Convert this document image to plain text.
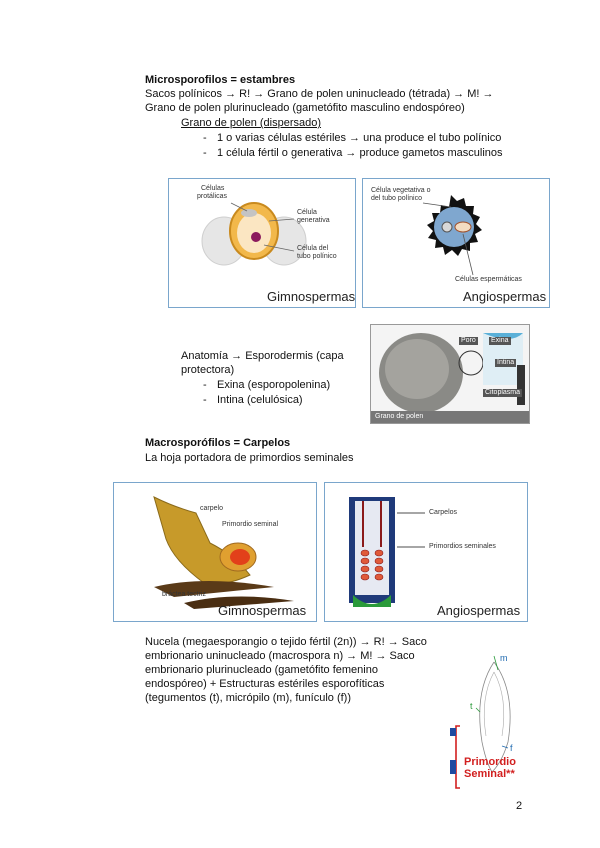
Microsporofilos = estambres
Sacos polínicos → R! → Grano de polen uninucleado (tétrada) → M! →
Grano de polen plurinucleado (gametófito masculino endospóreo)
Grano de polen (dispersado)
- 1 o varias células estériles → una produce el tubo polínico
- 1 célula fértil o generativa → produce gametos masculinos
Células
protálicas
Célula
generativa
Célula del
tubo polínico
Gimnospermas
Célula vegetativa o
del tubo polínico
Células espermáticas
Angiospermas
Anatomía → Esporodermis (capa
protectora)
- Exina (esporopolenina)
- Intina (celulósica)
Poro Exina
Intina
Citoplasma
Grano de polen
Macrosporófilos = Carpelos
La hoja portadora de primordios seminales
carpelo
Primordio seminal
bráctea tectriz
Gimnospermas
Carpelos
Primordios seminales
Angiospermas
Nucela (megaesporangio o tejido fértil (2n)) → R! → Saco
embrionario uninucleado (macrospora n) → M! → Saco
embrionario plurinucleado (gametófito femenino
endospóreo) + Estructuras estériles esporofíticas
(tegumentos (t), micrópilo (m), funículo (f))
m
t
f
Primordio
Seminal**
2
